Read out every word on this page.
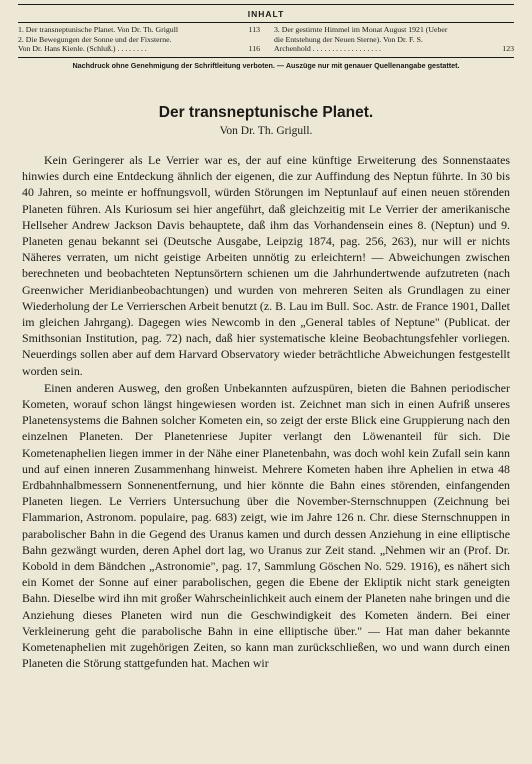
INHALT
1. Der transneptunische Planet. Von Dr. Th. Grigull	113
2. Die Bewegungen der Sonne und der Fixsterne.
Von Dr. Hans Kienle. (Schluß.) . . . . . . . .	116
3. Der gestirnte Himmel im Monat August 1921 (Ueber
die Entstehung der Neuen Sterne). Von Dr. F. S.
Archenhold . . . . . . . . . . . . . . . . . .	123
Nachdruck ohne Genehmigung der Schriftleitung verboten. — Auszüge nur mit genauer Quellenangabe gestattet.
Der transneptunische Planet.
Von Dr. Th. Grigull.

Kein Geringerer als Le Verrier war es, der auf eine künftige Erweiterung des Sonnenstaates hinwies durch eine Entdeckung ähnlich der eigenen, die zur Auffindung des Neptun führte. In 30 bis 40 Jahren, so meinte er hoffnungsvoll, würden Störungen im Neptunlauf auf einen neuen störenden Planeten führen. Als Kuriosum sei hier angeführt, daß gleichzeitig mit Le Verrier der amerikanische Hellseher Andrew Jackson Davis behauptete, daß ihm das Vorhandensein eines 8. (Neptun) und 9. Planeten genau bekannt sei (Deutsche Ausgabe, Leipzig 1874, pag. 256, 263), nur will er nichts Näheres verraten, um nicht geistige Arbeiten unnötig zu erleichtern! — Abweichungen zwischen berechneten und beobachteten Neptunsörtern schienen um die Jahrhundertwende aufzutreten (nach Greenwicher Meridianbeobachtungen) und wurden von mehreren Seiten als Grundlagen zu einer Wiederholung der Le Verrierschen Arbeit benutzt (z. B. Lau im Bull. Soc. Astr. de France 1901, Dallet im gleichen Jahrgang). Dagegen wies Newcomb in den „General tables of Neptune" (Publicat. der Smithsonian Institution, pag. 72) nach, daß hier systematische kleine Beobachtungsfehler vorliegen. Neuerdings sollen aber auf dem Harvard Observatory wieder beträchtliche Abweichungen festgestellt worden sein.

Einen anderen Ausweg, den großen Unbekannten aufzuspüren, bieten die Bahnen periodischer Kometen, worauf schon längst hingewiesen worden ist. Zeichnet man sich in einen Aufriß unseres Planetensystems die Bahnen solcher Kometen ein, so zeigt der erste Blick eine Gruppierung nach den einzelnen Planeten. Der Planetenriese Jupiter verlangt den Löwenanteil für sich. Die Kometenaphelien liegen immer in der Nähe einer Planetenbahn, was doch wohl kein Zufall sein kann und auf einen inneren Zusammenhang hinweist. Mehrere Kometen haben ihre Aphelien in etwa 48 Erdbahnhalbmessern Sonnenentfernung, und hier könnte die Bahn eines störenden, einfangenden Planeten liegen. Le Verriers Untersuchung über die November-Sternschnuppen (Zeichnung bei Flammarion, Astronom. populaire, pag. 683) zeigt, wie im Jahre 126 n. Chr. diese Sternschnuppen in parabolischer Bahn in die Gegend des Uranus kamen und durch dessen Anziehung in eine elliptische Bahn gezwängt wurden, deren Aphel dort lag, wo Uranus zur Zeit stand. „Nehmen wir an (Prof. Dr. Kobold in dem Bändchen „Astronomie", pag. 17, Sammlung Göschen No. 529. 1916), es nähert sich ein Komet der Sonne auf einer parabolischen, gegen die Ebene der Ekliptik nicht stark geneigten Bahn. Dieselbe wird ihn mit großer Wahrscheinlichkeit auch einem der Planeten nahe bringen und die Anziehung dieses Planeten wird nun die Geschwindigkeit des Kometen ändern. Bei einer Verkleinerung geht die parabolische Bahn in eine elliptische über." — Hat man daher bekannte Kometenaphelien mit zugehörigen Zeiten, so kann man zurückschließen, wo und wann durch einen Planeten die Störung stattgefunden hat. Machen wir
